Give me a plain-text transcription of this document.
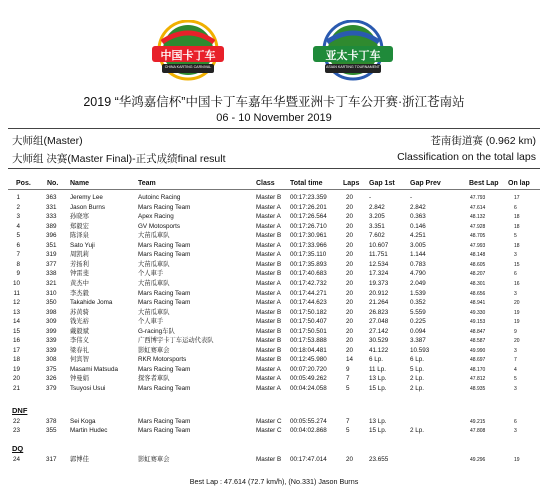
中国卡丁车
CHINA KARTING CARNIVAL
亚太卡丁车
ASIAN KARTING TOURNAMENT
2019 “华鸿嘉信杯”中国卡丁车嘉年华暨亚洲卡丁车公开赛·浙江苍南站
06 - 10 November 2019
大师组(Master)	苍南街道赛 (0.962 km)
大师组 决赛(Master Final)-正式成绩final result	Classification on the total laps
Pos. No. Name	Team	Class Total time	Laps Gap 1st Gap Prev	Best Lap On lap
1	363 Jeremy Lee	Autoinc Racing	Master B 00:17:23.359	20	-	-	47.793	17
2	331 Jason Burns	Mars Racing Team	Master A 00:17:26.201	20	2.842	2.842	47.614	6
3	333 孙晓寒	Apex Racing	Master A 00:17:26.564	20	3.205	0.363	48.132	18
4	389 郑毅宏	GV Motosports	Master A 00:17:26.710	20	3.351	0.146	47.928	18
5	396 陈泽泉	大苗瓜車队	Master B 00:17:30.961	20	7.602	4.251	48.705	5
6	351 Sato Yuji	Mars Racing Team	Master A 00:17:33.966	20	10.607	3.005	47.993	18
7	319 周凯莉	Mars Racing Team	Master A 00:17:35.110	20	11.751	1.144	48.148	3
8	377 芳扬利	大苗瓜車队	Master B 00:17:35.893	20	12.534	0.783	48.605	15
9	338 钟雷斐	个人車手	Master B 00:17:40.683	20	17.324	4.790	48.207	6
10	321 黄杰中	大苗瓜車队	Master A 00:17:42.732	20	19.373	2.049	48.301	16
11	310 李杰毅	Mars Racing Team	Master A 00:17:44.271	20	20.912	1.539	48.656	3
12	350 Takahide Joma	Mars Racing Team	Master A 00:17:44.623	20	21.264	0.352	48.941	20
13	398 苏黄骑	大苗瓜車队	Master B 00:17:50.182	20	26.823	5.559	49.330	19
14	309 钱光裕	个人車手	Master B 00:17:50.407	20	27.048	0.225	49.153	19
15	399 戴毅斌	G-racing车队	Master B 00:17:50.501	20	27.142	0.094	48.847	9
16	339 李伟义	广西博宇卡丁车运动代表队	Master B 00:17:53.888	20	30.529	3.387	48.587	20
17	339 梁春礼	影虹赛車会	Master B 00:18:04.481	20	41.122	10.593	49.990	3
18	308 何宾智	RKR Motorsports	Master B 00:12:45.980	14	6 Lp.	6 Lp.	48.697	7
19	375 Masami Matsuda	Mars Racing Team	Master A 00:07:20.720	9	11 Lp.	5 Lp.	48.170	4
20	326 钟曼娟	探客者車队	Master A 00:05:49.262	7	13 Lp.	2 Lp.	47.812	5
21	379 Tsuyosi Usui	Mars Racing Team	Master A 00:04:24.058	5	15 Lp.	2 Lp.	48.935	3
DNF
22	378 Sei Koga	Mars Racing Team	Master C 00:05:55.274	7	13 Lp.	49.215	6
23	355 Martin Hudec	Mars Racing Team	Master C 00:04:02.868	5	15 Lp.	2 Lp.	47.808	3
DQ
24	317 郭博佳	影虹赛車会	Master B 00:17:47.014	20	23.655	49.296	19
Best Lap : 47.614 (72.7 km/h), (No.331) Jason Burns
